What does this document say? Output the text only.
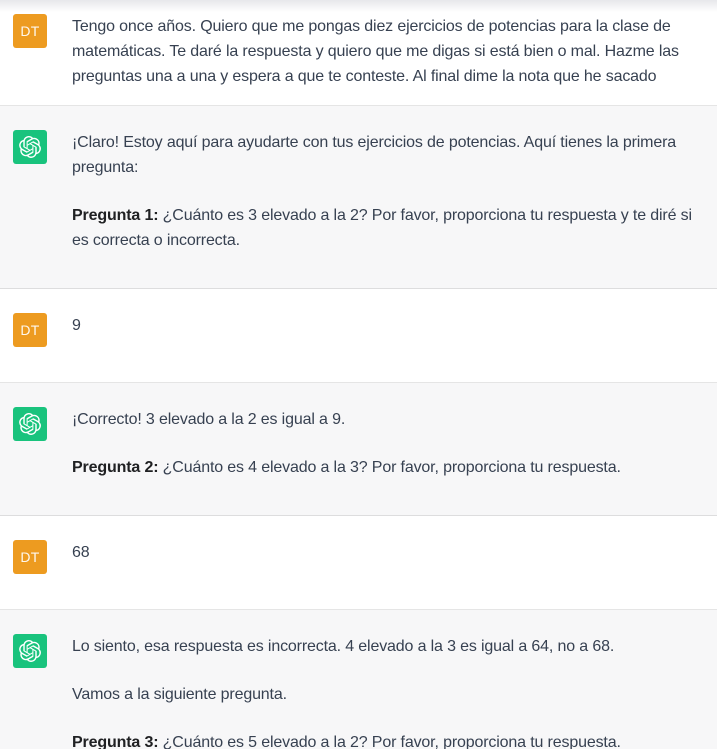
DT Tengo once años. Quiero que me pongas diez ejercicios de potencias para la clase de matemáticas. Te daré la respuesta y quiero que me digas si está bien o mal. Hazme las preguntas una a una y espera a que te conteste. Al final dime la nota que he sacado

¡Claro! Estoy aquí para ayudarte con tus ejercicios de potencias. Aquí tienes la primera pregunta:

Pregunta 1: ¿Cuánto es 3 elevado a la 2? Por favor, proporciona tu respuesta y te diré si es correcta o incorrecta.

DT 9

¡Correcto! 3 elevado a la 2 es igual a 9.

Pregunta 2: ¿Cuánto es 4 elevado a la 3? Por favor, proporciona tu respuesta.

DT 68

Lo siento, esa respuesta es incorrecta. 4 elevado a la 3 es igual a 64, no a 68.

Vamos a la siguiente pregunta.

Pregunta 3: ¿Cuánto es 5 elevado a la 2? Por favor, proporciona tu respuesta.
